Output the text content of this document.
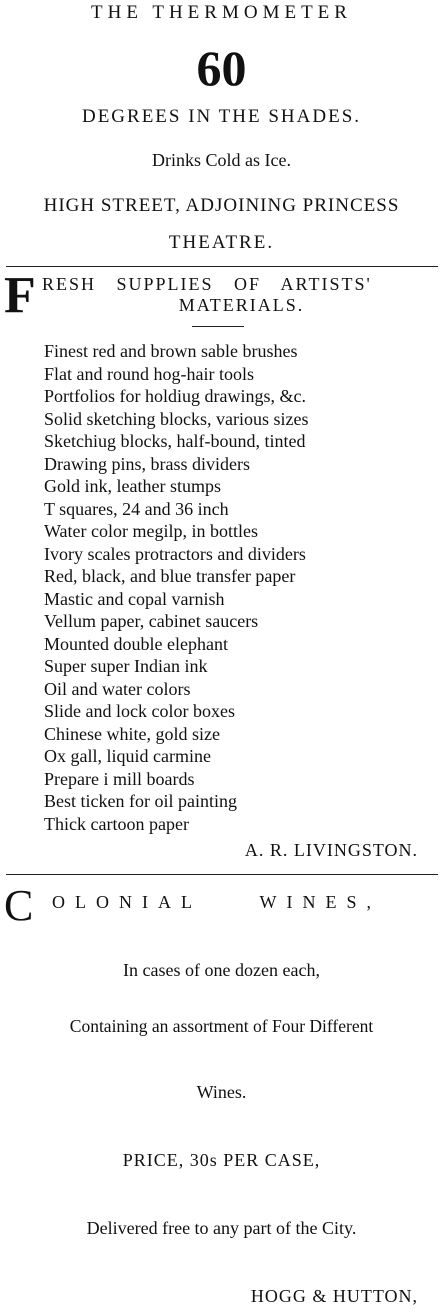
THE THERMOMETER
60
DEGREES IN THE SHADES.
Drinks Cold as Ice.
HIGH STREET, ADJOINING PRINCESS
THEATRE.
F RESH SUPPLIES OF ARTISTS'
MATERIALS.
Finest red and brown sable brushes
Flat and round hog-hair tools
Portfolios for holdiug drawings, &c.
Solid sketching blocks, various sizes
Sketchiug blocks, half-bound, tinted
Drawing pins, brass dividers
Gold ink, leather stumps
T squares, 24 and 36 inch
Water color megilp, in bottles
Ivory scales protractors and dividers
Red, black, and blue transfer paper
Mastic and copal varnish
Vellum paper, cabinet saucers
Mounted double elephant
Super super Indian ink
Oil and water colors
Slide and lock color boxes
Chinese white, gold size
Ox gall, liquid carmine
Prepare i mill boards
Best ticken for oil painting
Thick cartoon paper
A. R. LIVINGSTON.
C OLONIAL WINES,
In cases of one dozen each,
Containing an assortment of Four Different
Wines.
PRICE, 30s PER CASE,
Delivered free to any part of the City.
HOGG & HUTTON,
